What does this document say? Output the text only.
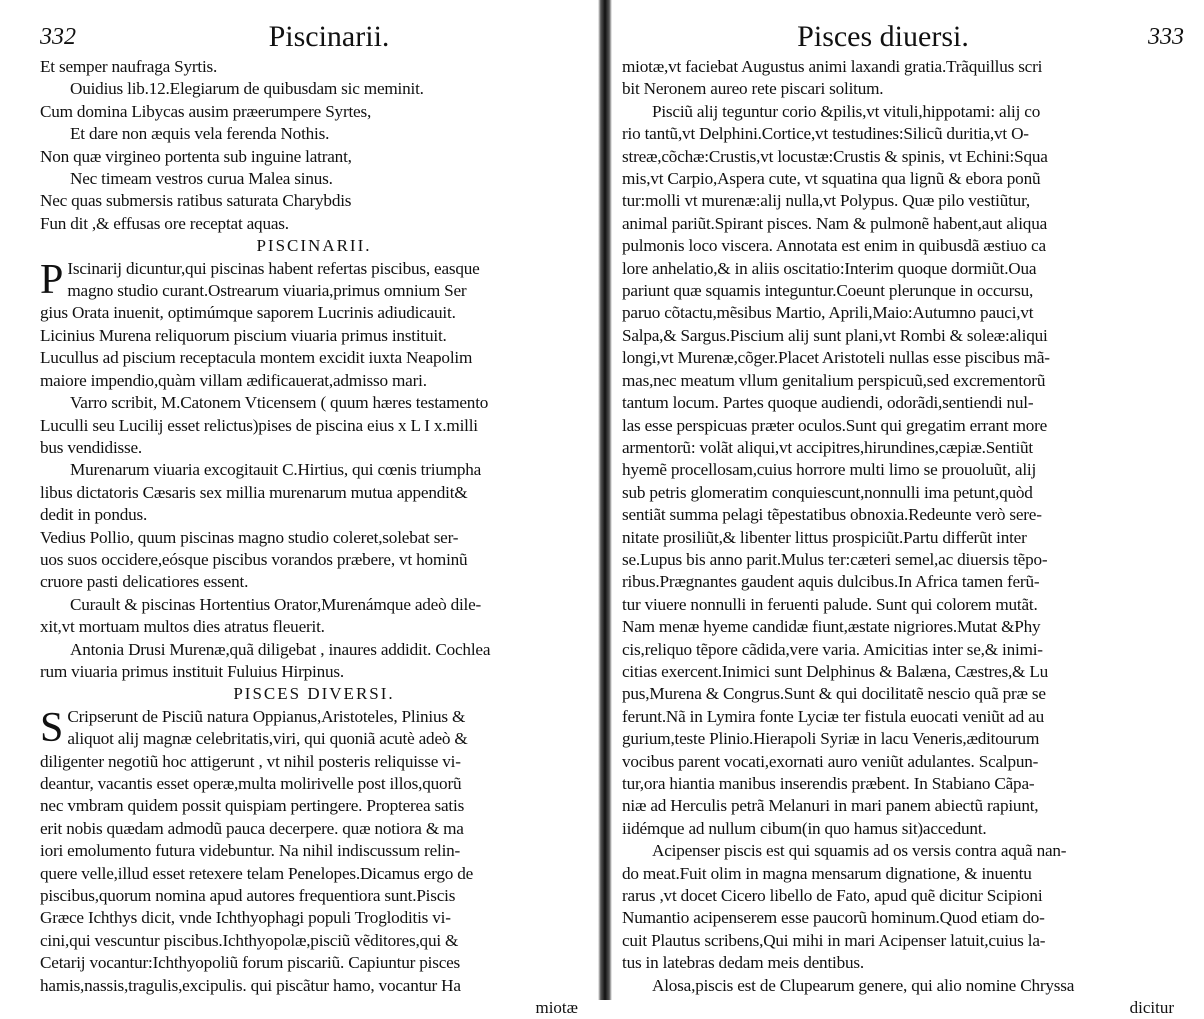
332	Piscinarii.
Et semper naufraga Syrtis.
Ouidius lib.12.Elegiarum de quibusdam sic meminit.
Cum domina Libycas ausim præerumpere Syrtes,
Et dare non æquis vela ferenda Nothis.
Non quæ virgineo portenta sub inguine latrant,
Nec timeam vestros curua Malea sinus.
Nec quas submersis ratibus saturata Charybdis
Fun dit ,& effusas ore receptat aquas.
PISCINARII.
P Iscinarij dicuntur,qui piscinas habent refertas piscibus, easque
magno studio curant.Ostrearum viuaria,primus omnium Ser
gius Orata inuenit, optimúmque saporem Lucrinis adiudicauit.
Licinius Murena reliquorum piscium viuaria primus instituit.
Lucullus ad piscium receptacula montem excidit iuxta Neapolim
maiore impendio,quàm villam ædificauerat,admisso mari.
Varro scribit, M.Catonem Vticensem ( quum hæres testamento
Luculli seu Lucilij esset relictus)pises de piscina eius x L I x.milli
bus vendidisse.
Murenarum viuaria excogitauit C.Hirtius, qui cœnis triumpha
libus dictatoris Cæsaris sex millia murenarum mutua appendit&
dedit in pondus.
Vedius Pollio, quum piscinas magno studio coleret,solebat ser-
uos suos occidere,eósque piscibus vorandos præbere, vt hominũ
cruore pasti delicatiores essent.
Curault & piscinas Hortentius Orator,Murenámque adeò dile-
xit,vt mortuam multos dies atratus fleuerit.
Antonia Drusi Murenæ,quã diligebat , inaures addidit. Cochlea
rum viuaria primus instituit Fuluius Hirpinus.
PISCES DIVERSI.
S Cripserunt de Pisciũ natura Oppianus,Aristoteles, Plinius &
aliquot alij magnæ celebritatis,viri, qui quoniã acutè adeò &
diligenter negotiũ hoc attigerunt , vt nihil posteris reliquisse vi-
deantur, vacantis esset operæ,multa molirivelle post illos,quorũ
nec vmbram quidem possit quispiam pertingere. Propterea satis
erit nobis quædam admodũ pauca decerpere. quæ notiora & ma
iori emolumento futura videbuntur. Na nihil indiscussum relin-
quere velle,illud esset retexere telam Penelopes.Dicamus ergo de
piscibus,quorum nomina apud autores frequentiora sunt.Piscis
Græce Ichthys dicit, vnde Ichthyophagi populi Trogloditis vi-
cini,qui vescuntur piscibus.Ichthyopolæ,pisciũ vẽditores,qui &
Cetarij vocantur:Ichthyopoliũ forum piscariũ. Capiuntur pisces
hamis,nassis,tragulis,excipulis. qui piscãtur hamo, vocantur Ha
miotæ
Pisces diuersi.	333
miotæ,vt faciebat Augustus animi laxandi gratia.Trãquillus scri
bit Neronem aureo rete piscari solitum.
Pisciũ alij teguntur corio &pilis,vt vituli,hippotami: alij co
rio tantũ,vt Delphini.Cortice,vt testudines:Silicũ duritia,vt O-
streæ,cõchæ:Crustis,vt locustæ:Crustis & spinis, vt Echini:Squa
mis,vt Carpio,Aspera cute, vt squatina qua lignũ & ebora ponũ
tur:molli vt murenæ:alij nulla,vt Polypus. Quæ pilo vestiũtur,
animal pariũt.Spirant pisces. Nam & pulmonẽ habent,aut aliqua
pulmonis loco viscera. Annotata est enim in quibusdã æstiuo ca
lore anhelatio,& in aliis oscitatio:Interim quoque dormiũt.Oua
pariunt quæ squamis integuntur.Coeunt plerunque in occursu,
paruo cõtactu,mẽsibus Martio, Aprili,Maio:Autumno pauci,vt
Salpa,& Sargus.Piscium alij sunt plani,vt Rombi & soleæ:aliqui
longi,vt Murenæ,cõger.Placet Aristoteli nullas esse piscibus mã-
mas,nec meatum vllum genitalium perspicuũ,sed excrementorũ
tantum locum. Partes quoque audiendi, odorãdi,sentiendi nul-
las esse perspicuas præter oculos.Sunt qui gregatim errant more
armentorũ: volãt aliqui,vt accipitres,hirundines,cæpiæ.Sentiũt
hyemẽ procellosam,cuius horrore multi limo se prouoluũt, alij
sub petris glomeratim conquiescunt,nonnulli ima petunt,quòd
sentiãt summa pelagi tẽpestatibus obnoxia.Redeunte verò sere-
nitate prosiliũt,& libenter littus prospiciũt.Partu differũt inter
se.Lupus bis anno parit.Mulus ter:cæteri semel,ac diuersis tẽpo-
ribus.Prægnantes gaudent aquis dulcibus.In Africa tamen ferũ-
tur viuere nonnulli in feruenti palude. Sunt qui colorem mutãt.
Nam menæ hyeme candidæ fiunt,æstate nigriores.Mutat &Phy
cis,reliquo tẽpore cãdida,vere varia. Amicitias inter se,& inimi-
citias exercent.Inimici sunt Delphinus & Balæna, Cæstres,& Lu
pus,Murena & Congrus.Sunt & qui docilitatẽ nescio quã præ se
ferunt.Nã in Lymira fonte Lyciæ ter fistula euocati veniũt ad au
gurium,teste Plinio.Hierapoli Syriæ in lacu Veneris,æditourum
vocibus parent vocati,exornati auro veniũt adulantes. Scalpun-
tur,ora hiantia manibus inserendis præbent. In Stabiano Cãpa-
niæ ad Herculis petrã Melanuri in mari panem abiectũ rapiunt,
iidémque ad nullum cibum(in quo hamus sit)accedunt.
Acipenser piscis est qui squamis ad os versis contra aquã nan-
do meat.Fuit olim in magna mensarum dignatione, & inuentu
rarus ,vt docet Cicero libello de Fato, apud quẽ dicitur Scipioni
Numantio acipenserem esse paucorũ hominum.Quod etiam do-
cuit Plautus scribens,Qui mihi in mari Acipenser latuit,cuius la-
tus in latebras dedam meis dentibus.
Alosa,piscis est de Clupearum genere, qui alio nomine Chryssa
dicitur
